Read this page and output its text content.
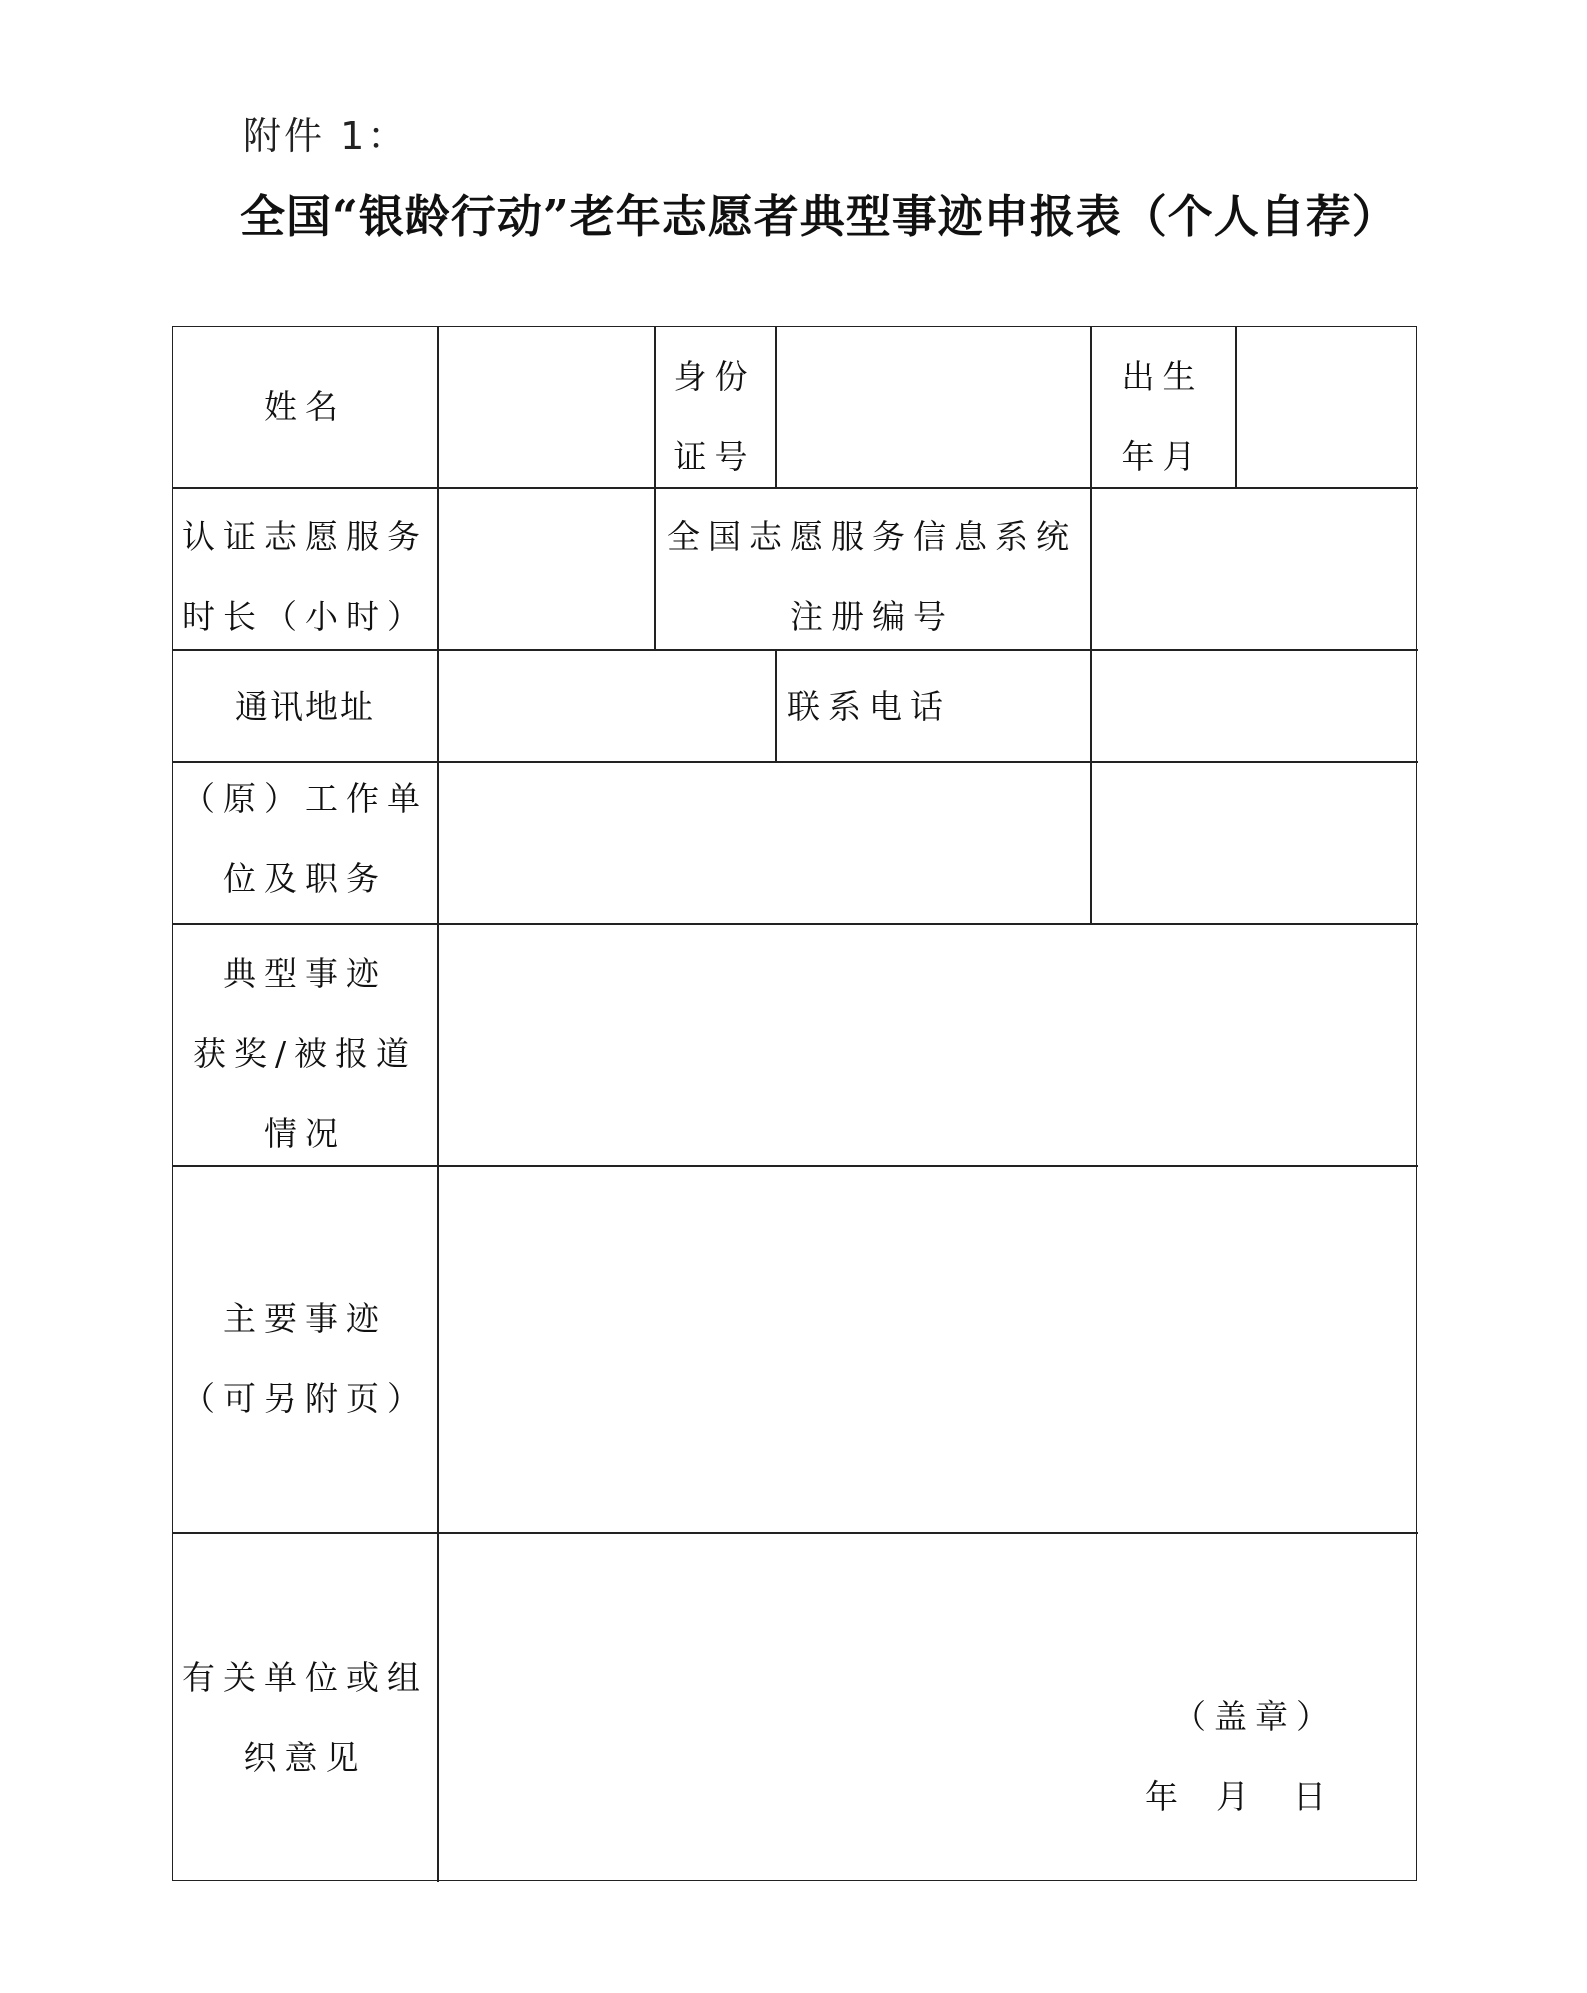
附件 1：
全国“银龄行动”老年志愿者典型事迹申报表（个人自荐）
姓名
身份
证号
出生
年月
认证志愿服务
时长（小时）
全国志愿服务信息系统
注册编号
通讯地址	联系电话
（原）工作单
位及职务
典型事迹
获奖/被报道
情况
主要事迹
（可另附页）
有关单位或组
织意见
（盖章）
年 月 日
